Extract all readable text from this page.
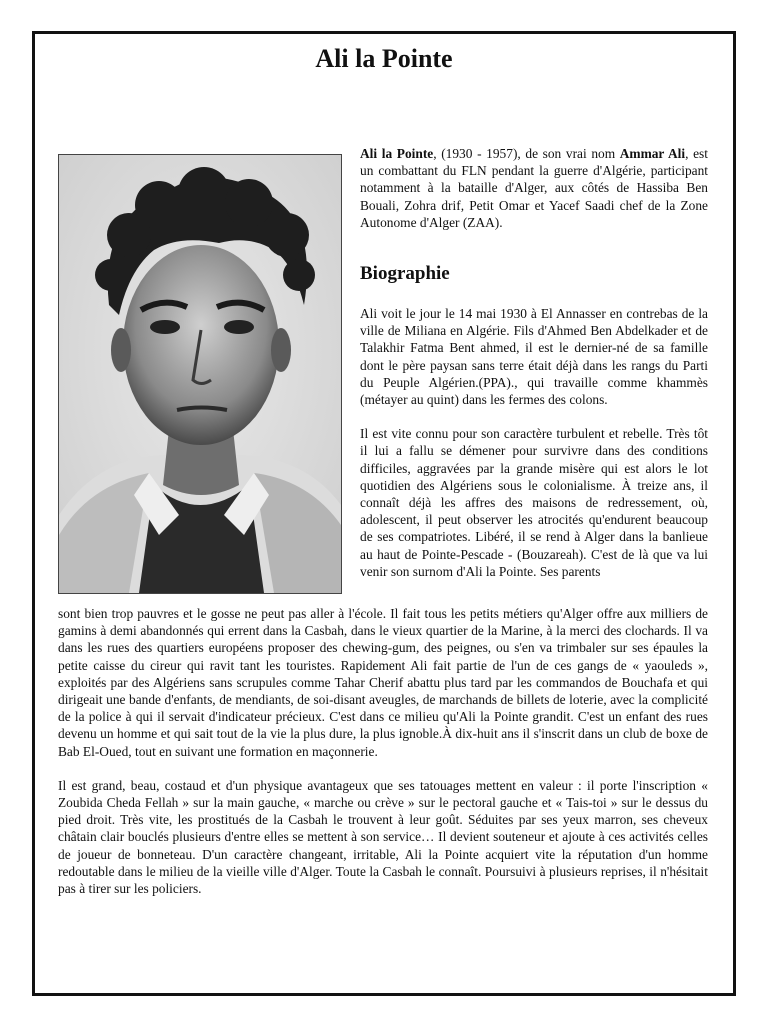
Ali la Pointe
Ali la Pointe, (1930 - 1957), de son vrai nom Ammar Ali, est un combattant du FLN pendant la guerre d'Algérie, participant notamment à la bataille d'Alger, aux côtés de Hassiba Ben Bouali, Zohra drif, Petit Omar et Yacef Saadi chef de la Zone Autonome d'Alger (ZAA).
Biographie

Ali voit le jour le 14 mai 1930 à El Annasser en contrebas de la ville de Miliana en Algérie. Fils d'Ahmed Ben Abdelkader et de Talakhir Fatma Bent ahmed, il est le dernier-né de sa famille dont le père paysan sans terre était déjà dans les rangs du Parti du Peuple Algérien.(PPA)., qui travaille comme khammès (métayer au quint) dans les fermes des colons.

Il est vite connu pour son caractère turbulent et rebelle. Très tôt il lui a fallu se démener pour survivre dans des conditions difficiles, aggravées par la grande misère qui est alors le lot quotidien des Algériens sous le colonialisme. À treize ans, il connaît déjà les affres des maisons de redressement, où, adolescent, il peut observer les atrocités qu'endurent beaucoup de ses compatriotes. Libéré, il se rend à Alger dans la banlieue au haut de Pointe-Pescade - (Bouzareah). C'est de là que va lui venir son surnom d'Ali la Pointe. Ses parents

sont bien trop pauvres et le gosse ne peut pas aller à l'école. Il fait tous les petits métiers qu'Alger offre aux milliers de gamins à demi abandonnés qui errent dans la Casbah, dans le vieux quartier de la Marine, à la merci des clochards. Il va dans les rues des quartiers européens proposer des chewing-gum, des peignes, ou s'en va trimbaler sur ses épaules la petite caisse du cireur qui ravit tant les touristes. Rapidement Ali fait partie de l'un de ces gangs de « yaouleds », exploités par des Algériens sans scrupules comme Tahar Cherif abattu plus tard par les commandos de Bouchafa et qui dirigeait une bande d'enfants, de mendiants, de soi-disant aveugles, de marchands de billets de loterie, avec la complicité de la police à qui il servait d'indicateur précieux. C'est dans ce milieu qu'Ali la Pointe grandit. C'est un enfant des rues devenu un homme et qui sait tout de la vie la plus dure, la plus ignoble.À dix-huit ans il s'inscrit dans un club de boxe de Bab El-Oued, tout en suivant une formation en maçonnerie.

Il est grand, beau, costaud et d'un physique avantageux que ses tatouages mettent en valeur : il porte l'inscription « Zoubida Cheda Fellah » sur la main gauche, « marche ou crève » sur le pectoral gauche et « Tais-toi » sur le dessus du pied droit. Très vite, les prostitués de la Casbah le trouvent à leur goût. Séduites par ses yeux marron, ses cheveux châtain clair bouclés plusieurs d'entre elles se mettent à son service… Il devient souteneur et ajoute à ces activités celles de joueur de bonneteau. D'un caractère changeant, irritable, Ali la Pointe acquiert vite la réputation d'un homme redoutable dans le milieu de la vieille ville d'Alger. Toute la Casbah le connaît. Poursuivi à plusieurs reprises, il n'hésitait pas à tirer sur les policiers.
